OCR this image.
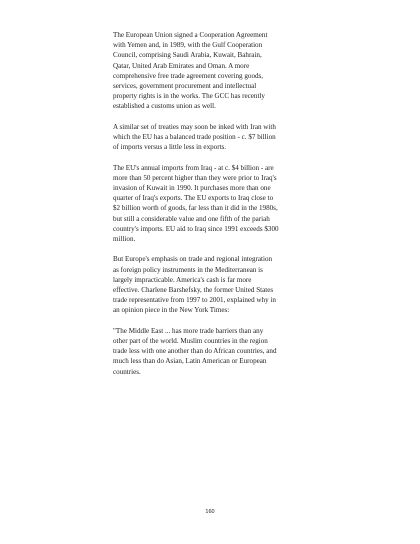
The European Union signed a Cooperation Agreement
with Yemen and, in 1989, with the Gulf Cooperation
Council, comprising Saudi Arabia, Kuwait, Bahrain,
Qatar, United Arab Emirates and Oman. A more
comprehensive free trade agreement covering goods,
services, government procurement and intellectual
property rights is in the works. The GCC has recently
established a customs union as well.

A similar set of treaties may soon be inked with Iran with
which the EU has a balanced trade position - c. $7 billion
of imports versus a little less in exports.

The EU's annual imports from Iraq - at c. $4 billion - are
more than 50 percent higher than they were prior to Iraq's
invasion of Kuwait in 1990. It purchases more than one
quarter of Iraq's exports. The EU exports to Iraq close to
$2 billion worth of goods, far less than it did in the 1980s,
but still a considerable value and one fifth of the pariah
country's imports. EU aid to Iraq since 1991 exceeds $300
million.

But Europe's emphasis on trade and regional integration
as foreign policy instruments in the Mediterranean is
largely impracticable. America's cash is far more
effective. Charlene Barshefsky, the former United States
trade representative from 1997 to 2001, explained why in
an opinion piece in the New York Times:

"The Middle East ... has more trade barriers than any
other part of the world. Muslim countries in the region
trade less with one another than do African countries, and
much less than do Asian, Latin American or European
countries.

160
